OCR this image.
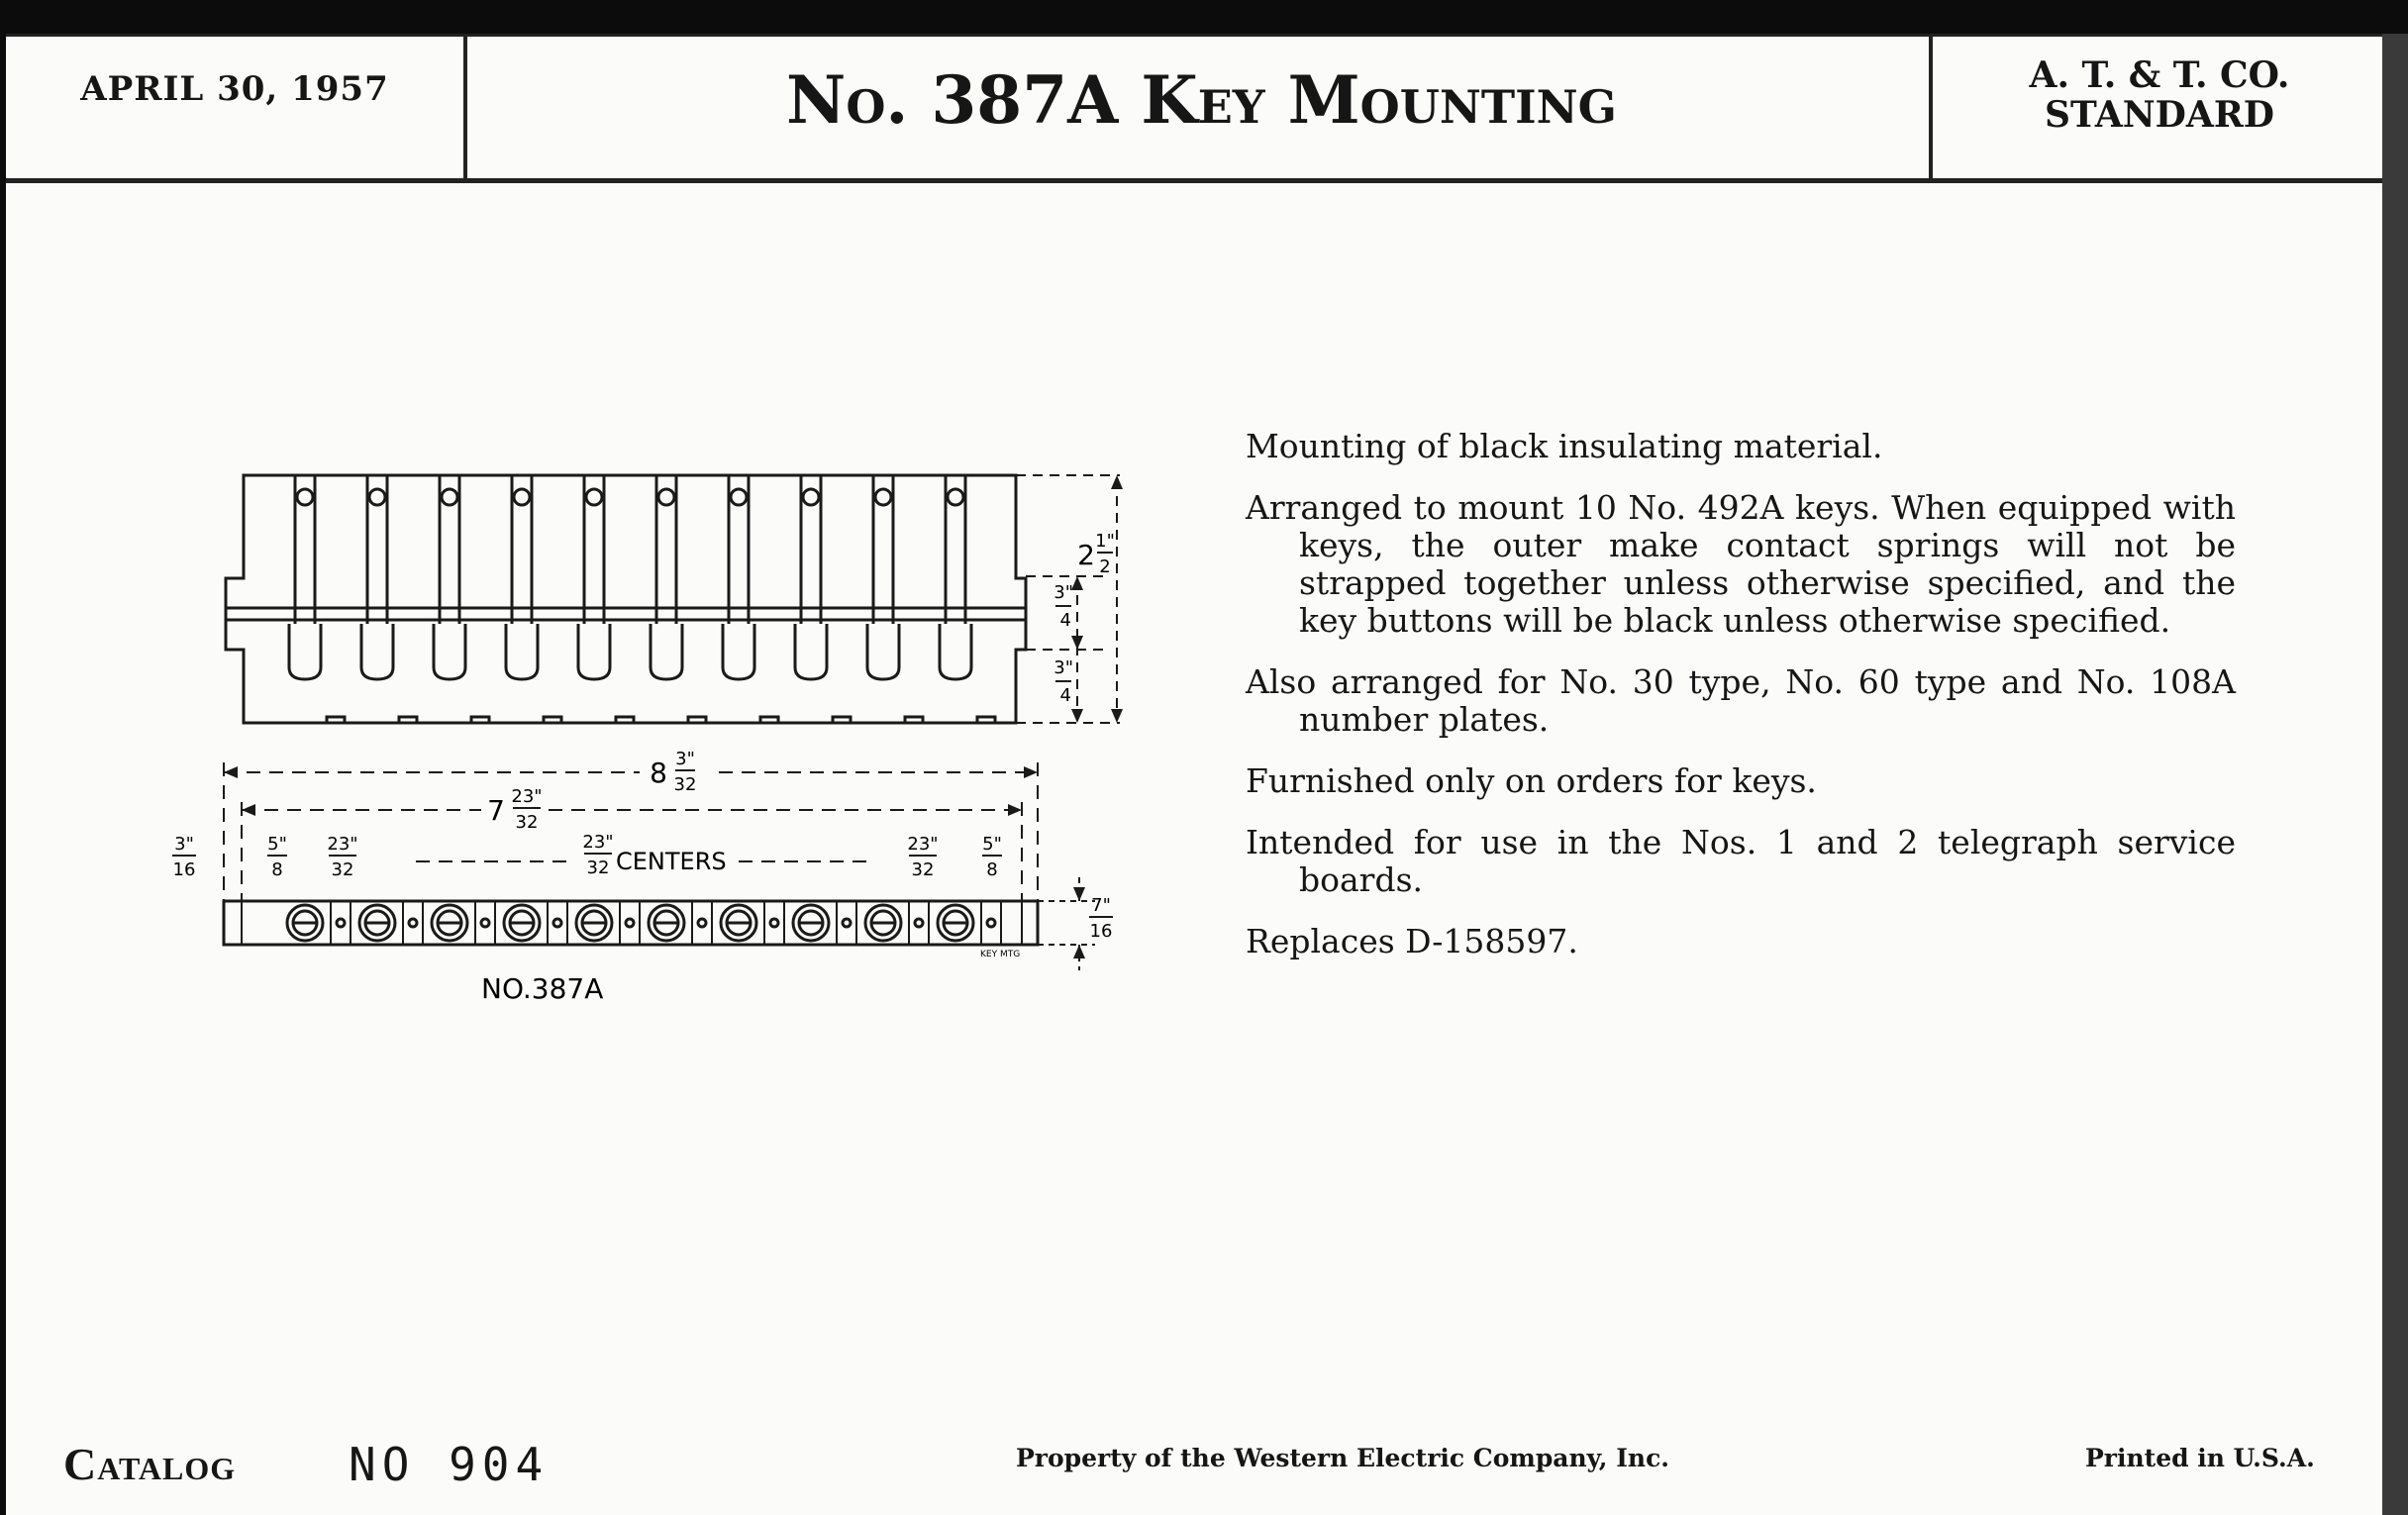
APRIL 30, 1957	No. 387A Key Mounting	A. T. & T. CO.
STANDARD
2 1"
2
3"
4
3"
4
8 3"
32
7 23"
32
3"
16
5"
8
23"
32
23"
32 CENTERS
23"
32
5"
8
7"
16
KEY MTG
NO.387A

Mounting of black insulating material.

Arranged to mount 10 No. 492A keys. When equipped with keys, the outer make contact springs will not be strapped together unless otherwise specified, and the key buttons will be black unless otherwise specified.

Also arranged for No. 30 type, No. 60 type and No. 108A number plates.

Furnished only on orders for keys.

Intended for use in the Nos. 1 and 2 telegraph service boards.

Replaces D-158597.

Catalog NO 904	Property of the Western Electric Company, Inc.	Printed in U.S.A.
